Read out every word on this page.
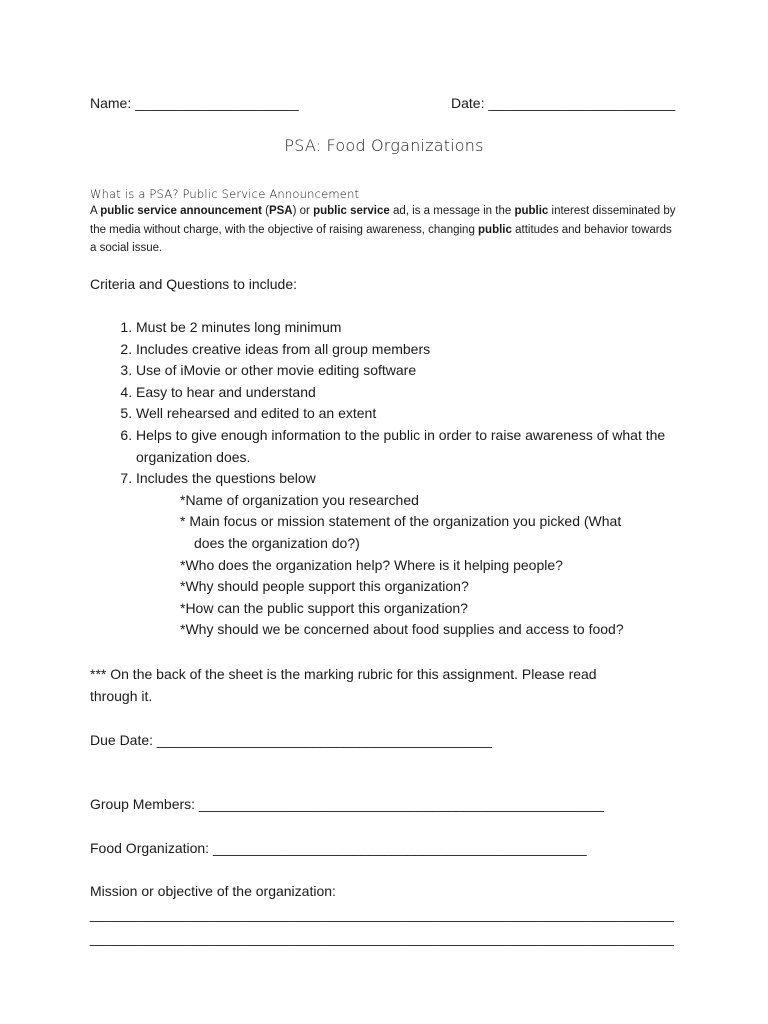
Name: _____________________	Date: ________________________
PSA: Food Organizations
What is a PSA? Public Service Announcement
A public service announcement (PSA) or public service ad, is a message in the public interest disseminated by the media without charge, with the objective of raising awareness, changing public attitudes and behavior towards a social issue.
Criteria and Questions to include:
1. Must be 2 minutes long minimum
2. Includes creative ideas from all group members
3. Use of iMovie or other movie editing software
4. Easy to hear and understand
5. Well rehearsed and edited to an extent
6. Helps to give enough information to the public in order to raise awareness of what the organization does.
7. Includes the questions below
*Name of organization you researched
* Main focus or mission statement of the organization you picked (What
does the organization do?)
*Who does the organization help? Where is it helping people?
*Why should people support this organization?
*How can the public support this organization?
*Why should we be concerned about food supplies and access to food?
*** On the back of the sheet is the marking rubric for this assignment. Please read
through it.
Due Date: ___________________________________________
Group Members: ____________________________________________________
Food Organization: ________________________________________________
Mission or objective of the organization:
___________________________________________________________________________
___________________________________________________________________________
